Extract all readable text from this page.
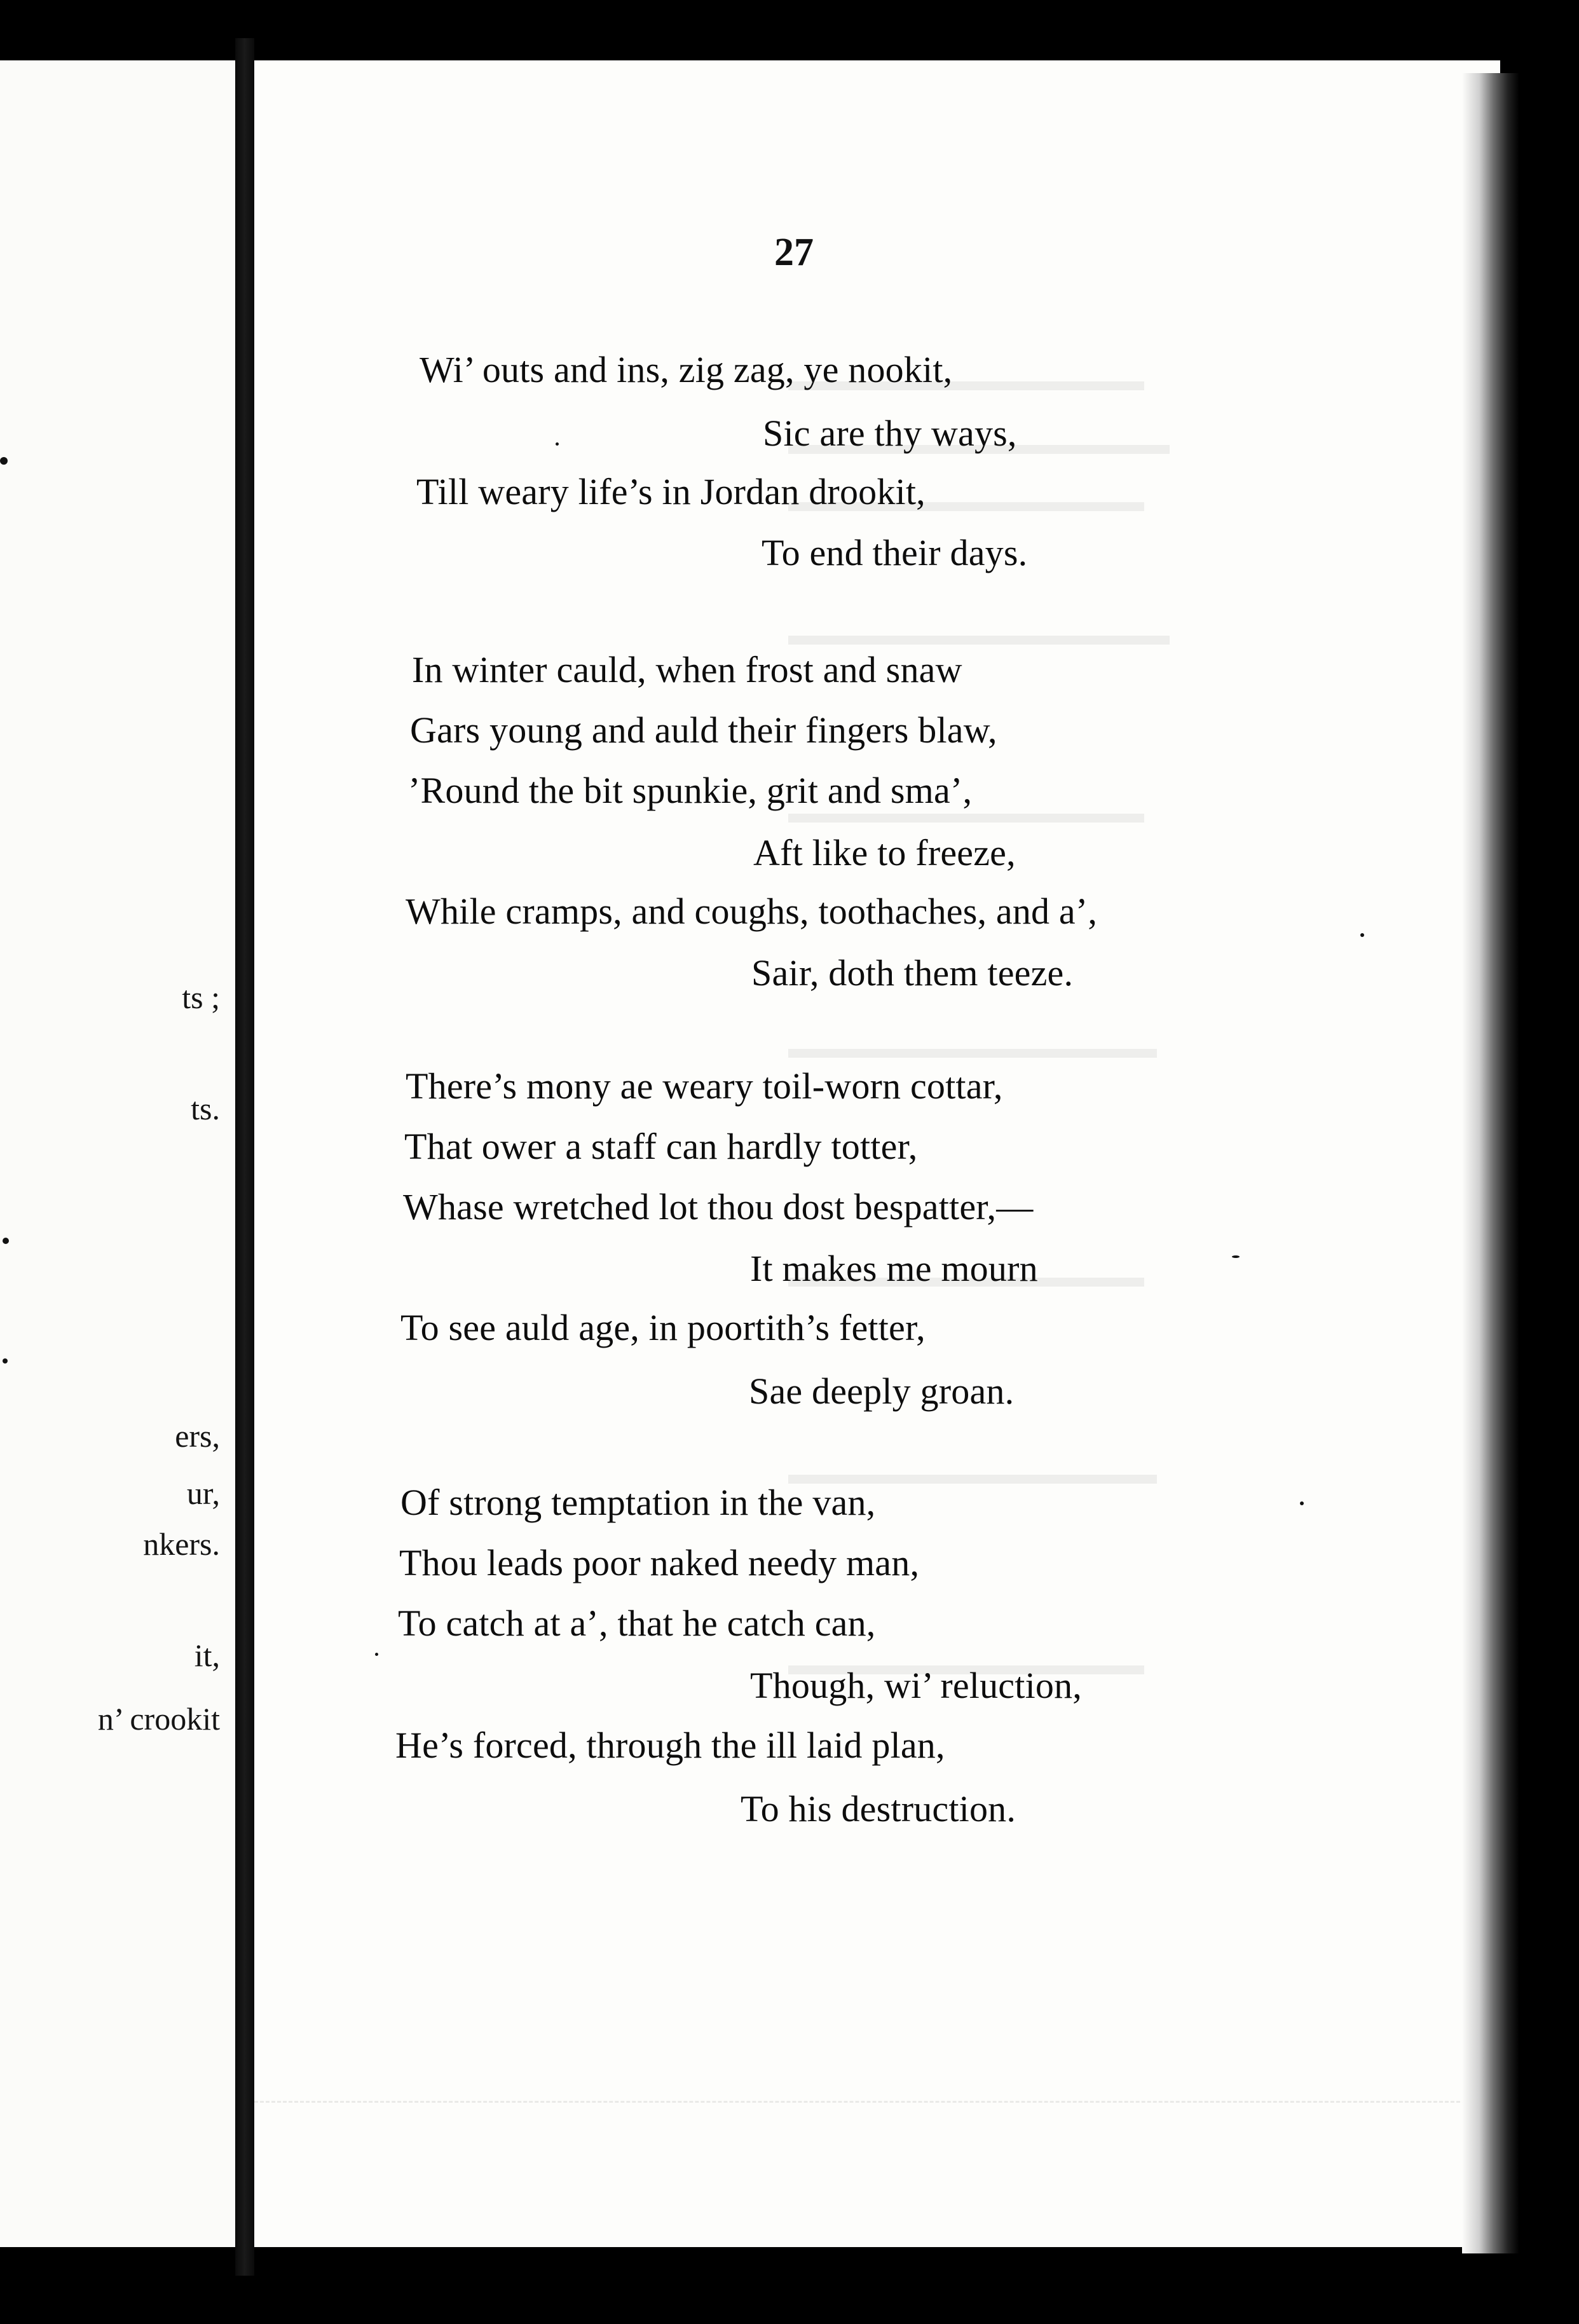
ts ;
ts.
ers,
ur,
nkers.
it,
n’ crookit
27
Wi’ outs and ins, zig zag, ye nookit,
Sic are thy ways,
Till weary life’s in Jordan drookit,
To end their days.
In winter cauld, when frost and snaw
Gars young and auld their fingers blaw,
’Round the bit spunkie, grit and sma’,
Aft like to freeze,
While cramps, and coughs, toothaches, and a’,
Sair, doth them teeze.
There’s mony ae weary toil-worn cottar,
That ower a staff can hardly totter,
Whase wretched lot thou dost bespatter,—
It makes me mourn
To see auld age, in poortith’s fetter,
Sae deeply groan.
Of strong temptation in the van,
Thou leads poor naked needy man,
To catch at a’, that he catch can,
Though, wi’ reluction,
He’s forced, through the ill laid plan,
To his destruction.
